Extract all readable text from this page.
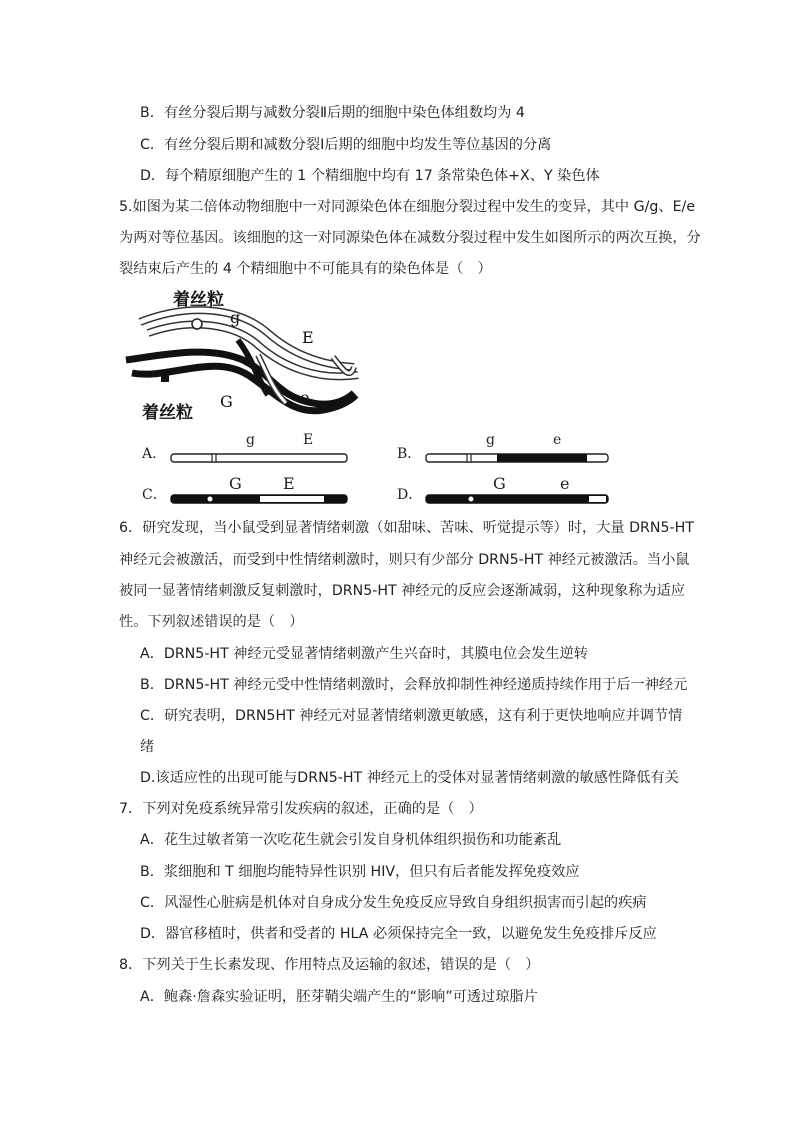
B．有丝分裂后期与减数分裂Ⅱ后期的细胞中染色体组数均为 4
C．有丝分裂后期和减数分裂Ⅰ后期的细胞中均发生等位基因的分离
D．每个精原细胞产生的 1 个精细胞中均有 17 条常染色体+X、Y 染色体
5.如图为某二倍体动物细胞中一对同源染色体在细胞分裂过程中发生的变异，其中 G/g、E/e
为两对等位基因。该细胞的这一对同源染色体在减数分裂过程中发生如图所示的两次互换，分
裂结束后产生的 4 个精细胞中不可能具有的染色体是（　）
着丝粒
g
E
G	e
着丝粒
A．
g	E
B．
g	e
C．
G	E
D．
G	e
6．研究发现，当小鼠受到显著情绪刺激（如甜味、苦味、听觉提示等）时，大量 DRN5-HT
神经元会被激活，而受到中性情绪刺激时，则只有少部分 DRN5-HT 神经元被激活。当小鼠
被同一显著情绪刺激反复刺激时，DRN5-HT 神经元的反应会逐渐减弱，这种现象称为适应
性。下列叙述错误的是（　）
A．DRN5-HT 神经元受显著情绪刺激产生兴奋时，其膜电位会发生逆转
B．DRN5-HT 神经元受中性情绪刺激时，会释放抑制性神经递质持续作用于后一神经元
C．研究表明，DRN5HT 神经元对显著情绪刺激更敏感，这有利于更快地响应并调节情
绪
D.该适应性的出现可能与DRN5-HT 神经元上的受体对显著情绪刺激的敏感性降低有关
7．下列对免疫系统异常引发疾病的叙述，正确的是（　）
A．花生过敏者第一次吃花生就会引发自身机体组织损伤和功能紊乱
B．浆细胞和 T 细胞均能特异性识别 HIV，但只有后者能发挥免疫效应
C．风湿性心脏病是机体对自身成分发生免疫反应导致自身组织损害而引起的疾病
D．器官移植时，供者和受者的 HLA 必须保持完全一致，以避免发生免疫排斥反应
8．下列关于生长素发现、作用特点及运输的叙述，错误的是（　）
A．鲍森·詹森实验证明，胚芽鞘尖端产生的“影响”可透过琼脂片
